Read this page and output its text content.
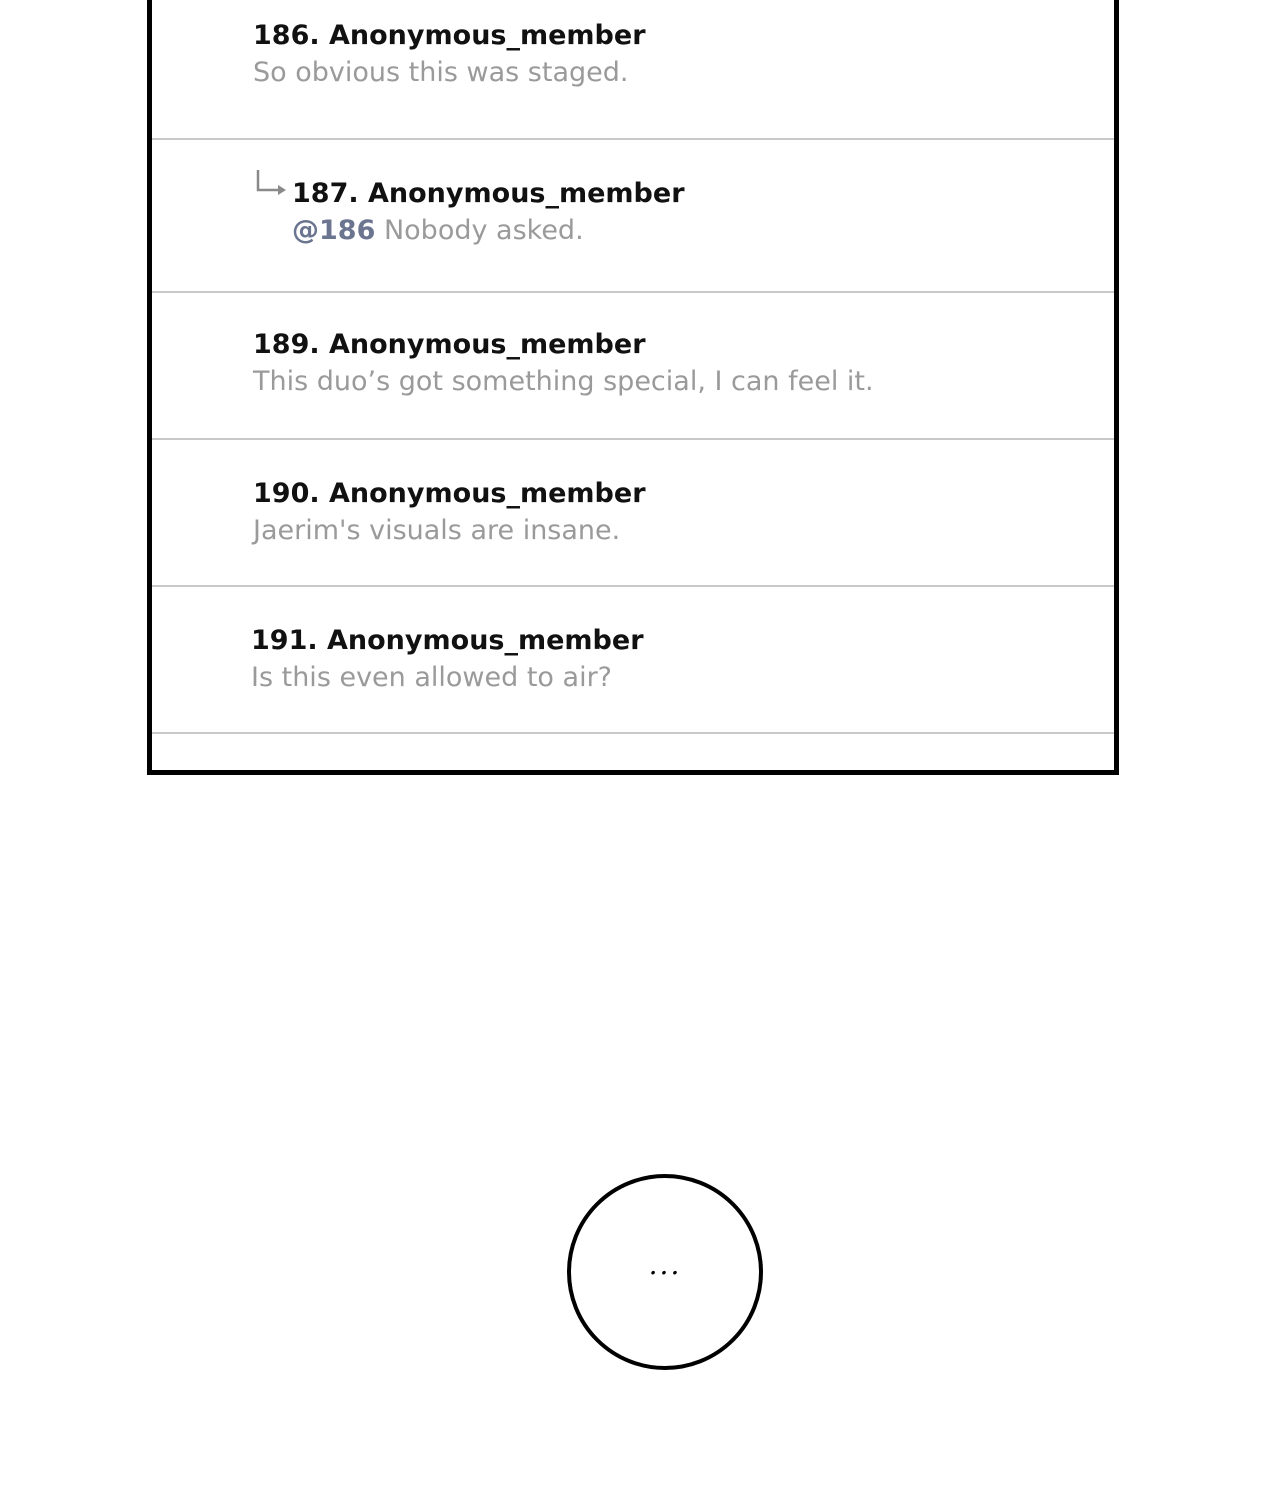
186. Anonymous_member
So obvious this was staged.
187. Anonymous_member
@186 Nobody asked.
189. Anonymous_member
This duo’s got something special, I can feel it.
190. Anonymous_member
Jaerim's visuals are insane.
191. Anonymous_member
Is this even allowed to air?
...
